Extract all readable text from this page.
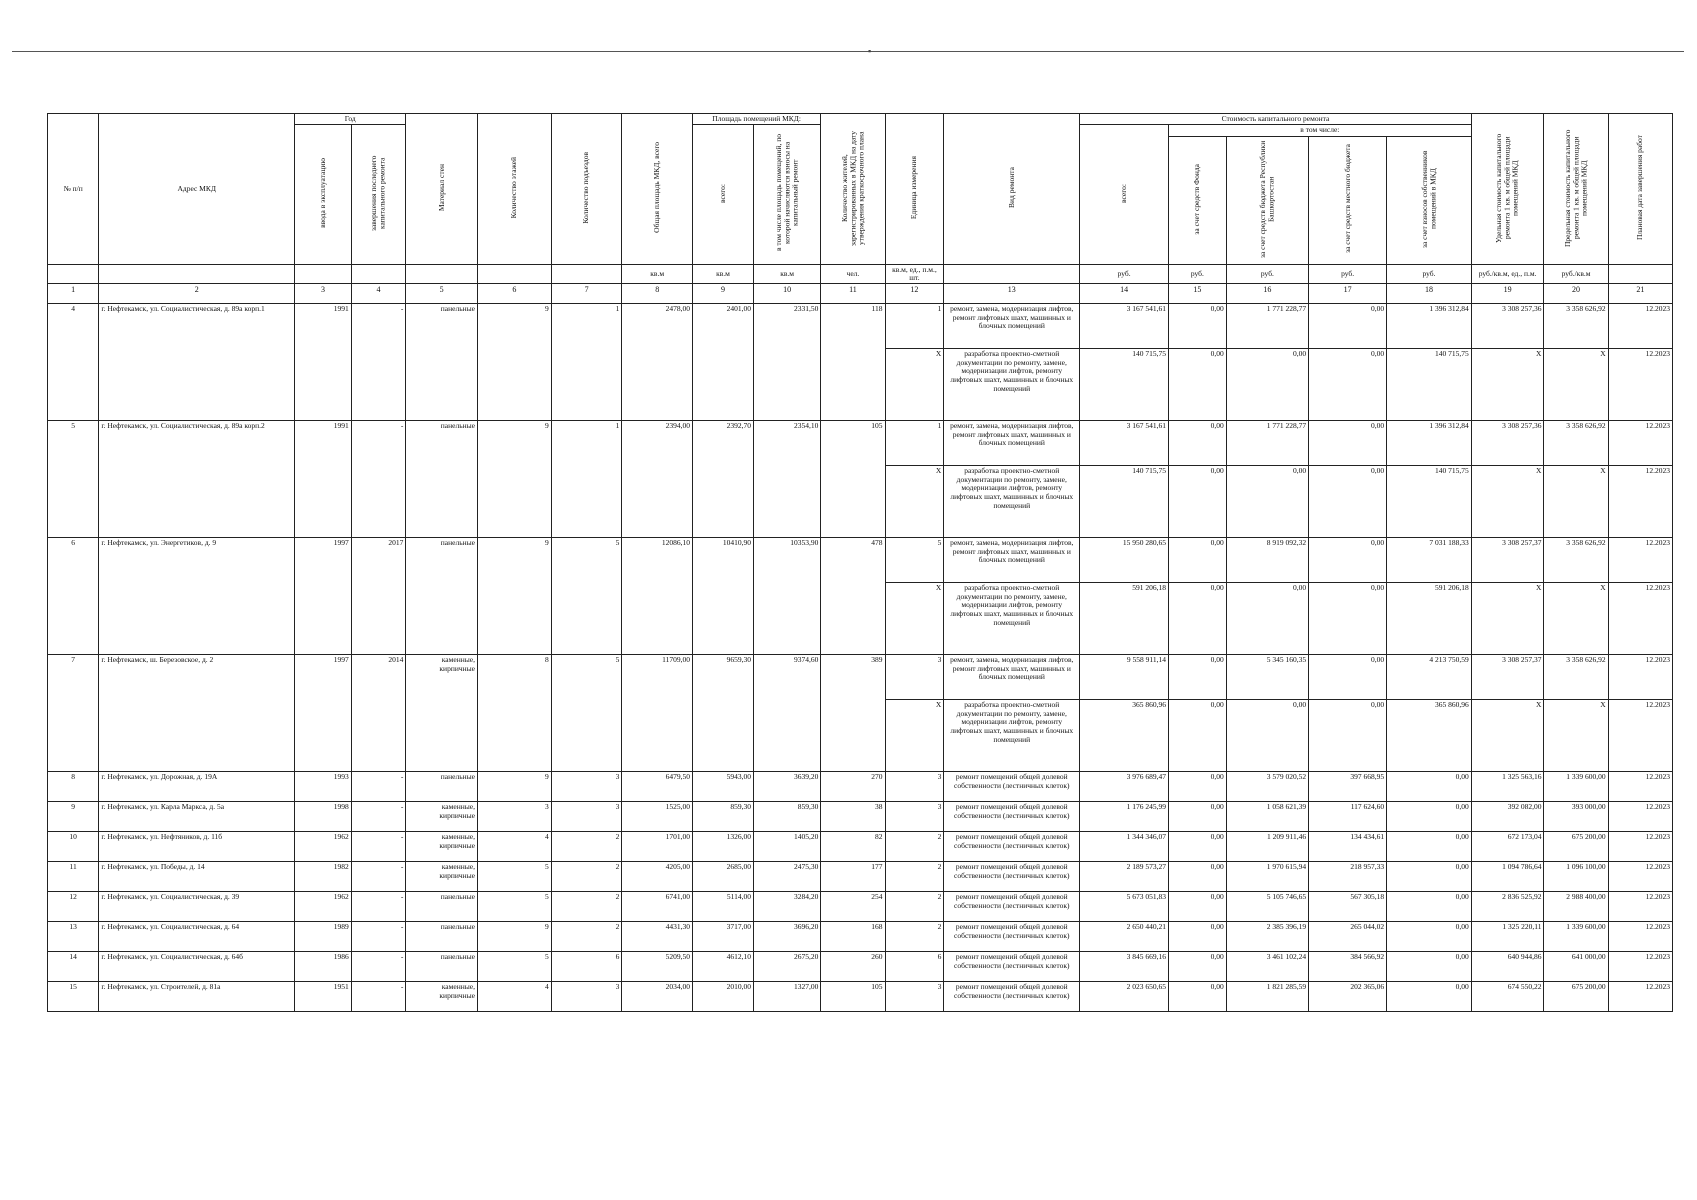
▪
№ п/п	Адрес МКД	Год		Материал стен	Количество этажей	Количество подъездов	Общая площадь МКД, всего	Площадь помещений МКД:		Количество жителей, зарегистрированных в МКД на дату утверждения краткосрочного плана	Единица измерения	Вид ремонта	Стоимость капитального ремонта					Удельная стоимость капитального ремонта 1 кв. м общей площади помещений МКД	Предельная стоимость капитального ремонта 1 кв. м общей площади помещений МКД	Плановая дата завершения работ
		ввода в эксплуатацию	завершения последнего капитального ремонта					всего:	в том числе площадь помещений, по которой начисляются взносы на капитальный ремонт				всего:	в том числе:						
														за счет средств Фонда	за счет средств бюджета Республики Башкортостан	за счет средств местного бюджета	за счет взносов собственников помещений в МКД			
							кв.м	кв.м	кв.м	чел.	кв.м, ед., п.м., шт.		руб.	руб.	руб.	руб.	руб.	руб./кв.м, ед., п.м.	руб./кв.м	
1	2	3	4	5	6	7	8	9	10	11	12	13	14	15	16	17	18	19	20	21
4	г. Нефтекамск, ул. Социалистическая, д. 89а корп.1	1991	-	панельные	9	1	2478,00	2401,00	2331,50	118	1	ремонт, замена, модернизация лифтов, ремонт лифтовых шахт, машинных и блочных помещений	3 167 541,61	0,00	1 771 228,77	0,00	1 396 312,84	3 308 257,36	3 358 626,92	12.2023
											X	разработка проектно-сметной документации по ремонту, замене, модернизации лифтов, ремонту лифтовых шахт, машинных и блочных помещений	140 715,75	0,00	0,00	0,00	140 715,75	X	X	12.2023
5	г. Нефтекамск, ул. Социалистическая, д. 89а корп.2	1991	-	панельные	9	1	2394,00	2392,70	2354,10	105	1	ремонт, замена, модернизация лифтов, ремонт лифтовых шахт, машинных и блочных помещений	3 167 541,61	0,00	1 771 228,77	0,00	1 396 312,84	3 308 257,36	3 358 626,92	12.2023
											X	разработка проектно-сметной документации по ремонту, замене, модернизации лифтов, ремонту лифтовых шахт, машинных и блочных помещений	140 715,75	0,00	0,00	0,00	140 715,75	X	X	12.2023
6	г. Нефтекамск, ул. Энергетиков, д. 9	1997	2017	панельные	9	5	12086,10	10410,90	10353,90	478	5	ремонт, замена, модернизация лифтов, ремонт лифтовых шахт, машинных и блочных помещений	15 950 280,65	0,00	8 919 092,32	0,00	7 031 188,33	3 308 257,37	3 358 626,92	12.2023
											X	разработка проектно-сметной документации по ремонту, замене, модернизации лифтов, ремонту лифтовых шахт, машинных и блочных помещений	591 206,18	0,00	0,00	0,00	591 206,18	X	X	12.2023
7	г. Нефтекамск, ш. Березовское, д. 2	1997	2014	каменные, кирпичные	8	5	11709,00	9659,30	9374,60	389	3	ремонт, замена, модернизация лифтов, ремонт лифтовых шахт, машинных и блочных помещений	9 558 911,14	0,00	5 345 160,35	0,00	4 213 750,59	3 308 257,37	3 358 626,92	12.2023
											X	разработка проектно-сметной документации по ремонту, замене, модернизации лифтов, ремонту лифтовых шахт, машинных и блочных помещений	365 860,96	0,00	0,00	0,00	365 860,96	X	X	12.2023
8	г. Нефтекамск, ул. Дорожная, д. 19А	1993	-	панельные	9	3	6479,50	5943,00	3639,20	270	3	ремонт помещений общей долевой собственности (лестничных клеток)	3 976 689,47	0,00	3 579 020,52	397 668,95	0,00	1 325 563,16	1 339 600,00	12.2023
9	г. Нефтекамск, ул. Карла Маркса, д. 5а	1998	-	каменные, кирпичные	3	3	1525,00	859,30	859,30	38	3	ремонт помещений общей долевой собственности (лестничных клеток)	1 176 245,99	0,00	1 058 621,39	117 624,60	0,00	392 082,00	393 000,00	12.2023
10	г. Нефтекамск, ул. Нефтяников, д. 11б	1962	-	каменные, кирпичные	4	2	1701,00	1326,00	1405,20	82	2	ремонт помещений общей долевой собственности (лестничных клеток)	1 344 346,07	0,00	1 209 911,46	134 434,61	0,00	672 173,04	675 200,00	12.2023
11	г. Нефтекамск, ул. Победы, д. 14	1982	-	каменные, кирпичные	5	2	4205,00	2685,00	2475,30	177	2	ремонт помещений общей долевой собственности (лестничных клеток)	2 189 573,27	0,00	1 970 615,94	218 957,33	0,00	1 094 786,64	1 096 100,00	12.2023
12	г. Нефтекамск, ул. Социалистическая, д. 39	1962	-	панельные	5	2	6741,00	5114,00	3284,20	254	2	ремонт помещений общей долевой собственности (лестничных клеток)	5 673 051,83	0,00	5 105 746,65	567 305,18	0,00	2 836 525,92	2 988 400,00	12.2023
13	г. Нефтекамск, ул. Социалистическая, д. 64	1989	-	панельные	9	2	4431,30	3717,00	3696,20	168	2	ремонт помещений общей долевой собственности (лестничных клеток)	2 650 440,21	0,00	2 385 396,19	265 044,02	0,00	1 325 220,11	1 339 600,00	12.2023
14	г. Нефтекамск, ул. Социалистическая, д. 64б	1986	-	панельные	5	6	5209,50	4612,10	2675,20	260	6	ремонт помещений общей долевой собственности (лестничных клеток)	3 845 669,16	0,00	3 461 102,24	384 566,92	0,00	640 944,86	641 000,00	12.2023
15	г. Нефтекамск, ул. Строителей, д. 81а	1951	-	каменные, кирпичные	4	3	2034,00	2010,00	1327,00	105	3	ремонт помещений общей долевой собственности (лестничных клеток)	2 023 650,65	0,00	1 821 285,59	202 365,06	0,00	674 550,22	675 200,00	12.2023
